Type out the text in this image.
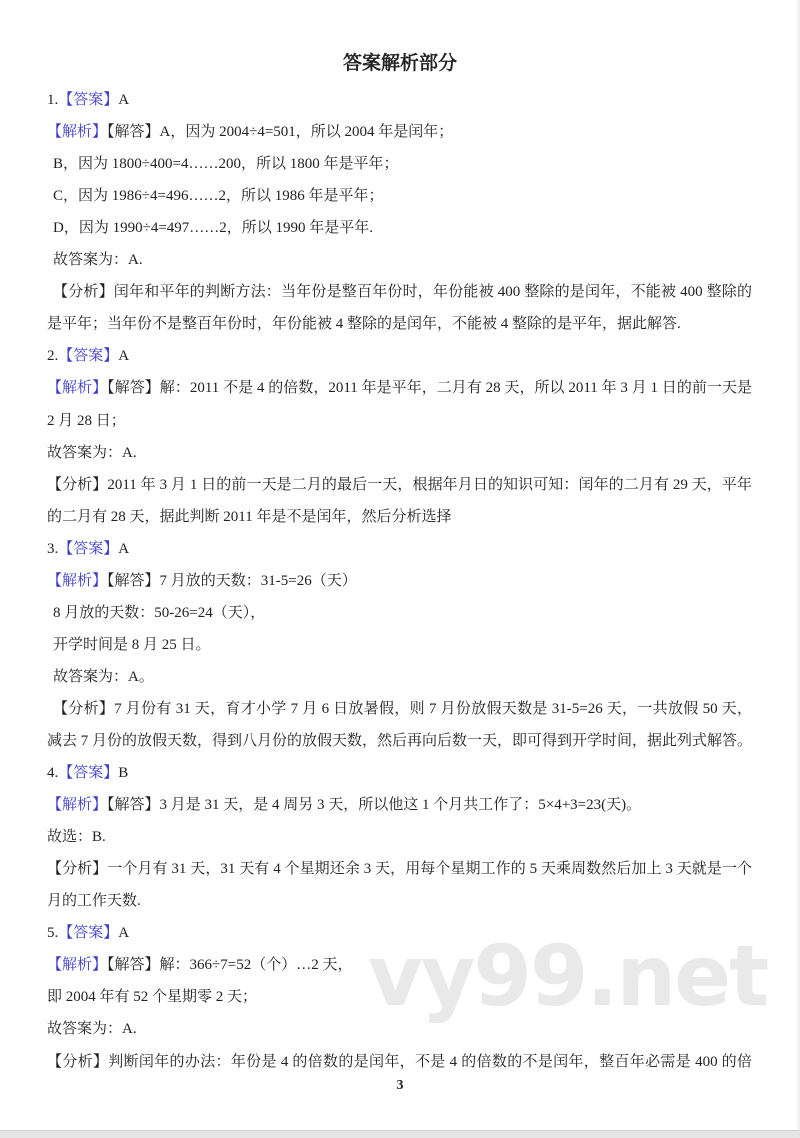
答案解析部分
vy99.net
1.【答案】A
【解析】【解答】A，因为 2004÷4=501，所以 2004 年是闰年；
B，因为 1800÷400=4……200，所以 1800 年是平年；
C，因为 1986÷4=496……2，所以 1986 年是平年；
D，因为 1990÷4=497……2，所以 1990 年是平年.
故答案为：A.
【分析】闰年和平年的判断方法：当年份是整百年份时，年份能被 400 整除的是闰年，不能被 400 整除的
是平年；当年份不是整百年份时，年份能被 4 整除的是闰年，不能被 4 整除的是平年，据此解答.
2.【答案】A
【解析】【解答】解：2011 不是 4 的倍数，2011 年是平年，二月有 28 天，所以 2011 年 3 月 1 日的前一天是
2 月 28 日；
故答案为：A.
【分析】2011 年 3 月 1 日的前一天是二月的最后一天，根据年月日的知识可知：闰年的二月有 29 天，平年
的二月有 28 天，据此判断 2011 年是不是闰年，然后分析选择
3.【答案】A
【解析】【解答】7 月放的天数：31-5=26（天）
8 月放的天数：50-26=24（天），
开学时间是 8 月 25 日。
故答案为：A。
【分析】7 月份有 31 天，育才小学 7 月 6 日放暑假，则 7 月份放假天数是 31-5=26 天，一共放假 50 天，
减去 7 月份的放假天数，得到八月份的放假天数，然后再向后数一天，即可得到开学时间，据此列式解答。
4.【答案】B
【解析】【解答】3 月是 31 天，是 4 周另 3 天，所以他这 1 个月共工作了：5×4+3=23(天)。
故选：B.
【分析】一个月有 31 天，31 天有 4 个星期还余 3 天，用每个星期工作的 5 天乘周数然后加上 3 天就是一个
月的工作天数.
5.【答案】A
【解析】【解答】解：366÷7=52（个）…2 天，
即 2004 年有 52 个星期零 2 天；
故答案为：A.
【分析】判断闰年的办法：年份是 4 的倍数的是闰年，不是 4 的倍数的不是闰年，整百年必需是 400 的倍
3
